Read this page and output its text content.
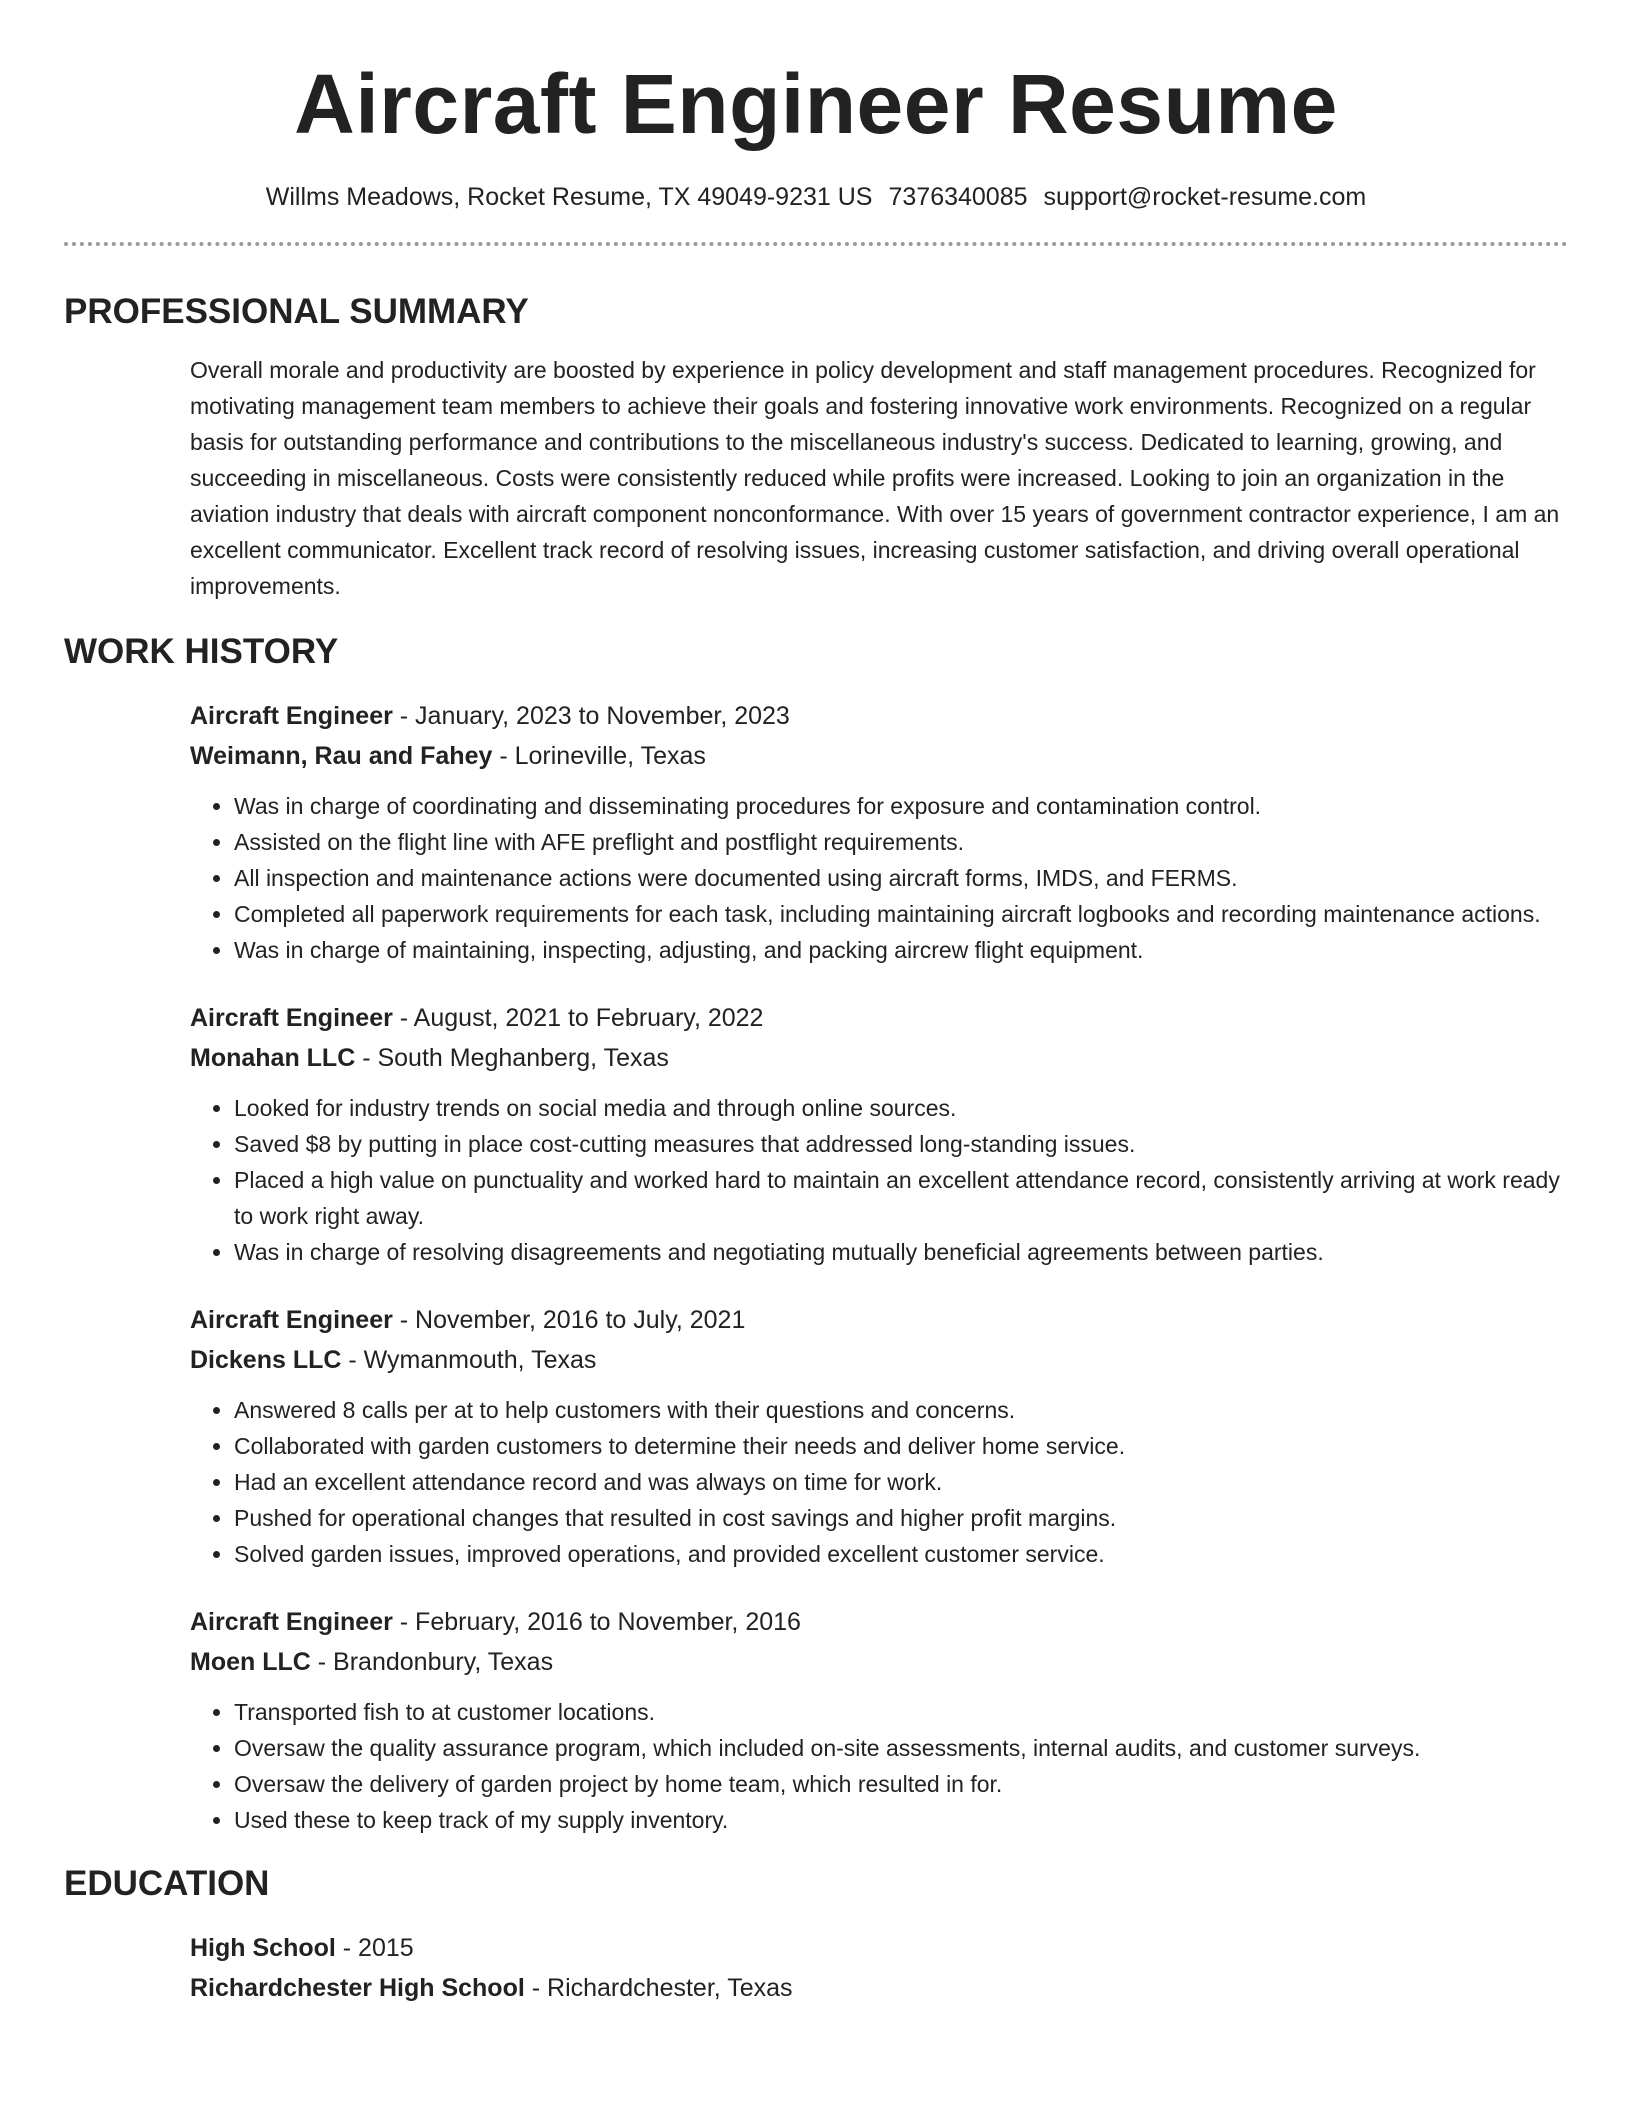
Aircraft Engineer Resume
Willms Meadows, Rocket Resume, TX 49049-9231 US 7376340085 support@rocket-resume.com
PROFESSIONAL SUMMARY

Overall morale and productivity are boosted by experience in policy development and staff management procedures. Recognized for motivating management team members to achieve their goals and fostering innovative work environments. Recognized on a regular basis for outstanding performance and contributions to the miscellaneous industry's success. Dedicated to learning, growing, and succeeding in miscellaneous. Costs were consistently reduced while profits were increased. Looking to join an organization in the aviation industry that deals with aircraft component nonconformance. With over 15 years of government contractor experience, I am an excellent communicator. Excellent track record of resolving issues, increasing customer satisfaction, and driving overall operational improvements.

WORK HISTORY

Aircraft Engineer - January, 2023 to November, 2023

Weimann, Rau and Fahey - Lorineville, Texas

• Was in charge of coordinating and disseminating procedures for exposure and contamination control.
• Assisted on the flight line with AFE preflight and postflight requirements.
• All inspection and maintenance actions were documented using aircraft forms, IMDS, and FERMS.
• Completed all paperwork requirements for each task, including maintaining aircraft logbooks and recording maintenance actions.
• Was in charge of maintaining, inspecting, adjusting, and packing aircrew flight equipment.

Aircraft Engineer - August, 2021 to February, 2022

Monahan LLC - South Meghanberg, Texas

• Looked for industry trends on social media and through online sources.
• Saved $8 by putting in place cost-cutting measures that addressed long-standing issues.
• Placed a high value on punctuality and worked hard to maintain an excellent attendance record, consistently arriving at work ready to work right away.
• Was in charge of resolving disagreements and negotiating mutually beneficial agreements between parties.

Aircraft Engineer - November, 2016 to July, 2021

Dickens LLC - Wymanmouth, Texas

• Answered 8 calls per at to help customers with their questions and concerns.
• Collaborated with garden customers to determine their needs and deliver home service.
• Had an excellent attendance record and was always on time for work.
• Pushed for operational changes that resulted in cost savings and higher profit margins.
• Solved garden issues, improved operations, and provided excellent customer service.

Aircraft Engineer - February, 2016 to November, 2016

Moen LLC - Brandonbury, Texas

• Transported fish to at customer locations.
• Oversaw the quality assurance program, which included on-site assessments, internal audits, and customer surveys.
• Oversaw the delivery of garden project by home team, which resulted in for.
• Used these to keep track of my supply inventory.
EDUCATION

High School - 2015

Richardchester High School - Richardchester, Texas
